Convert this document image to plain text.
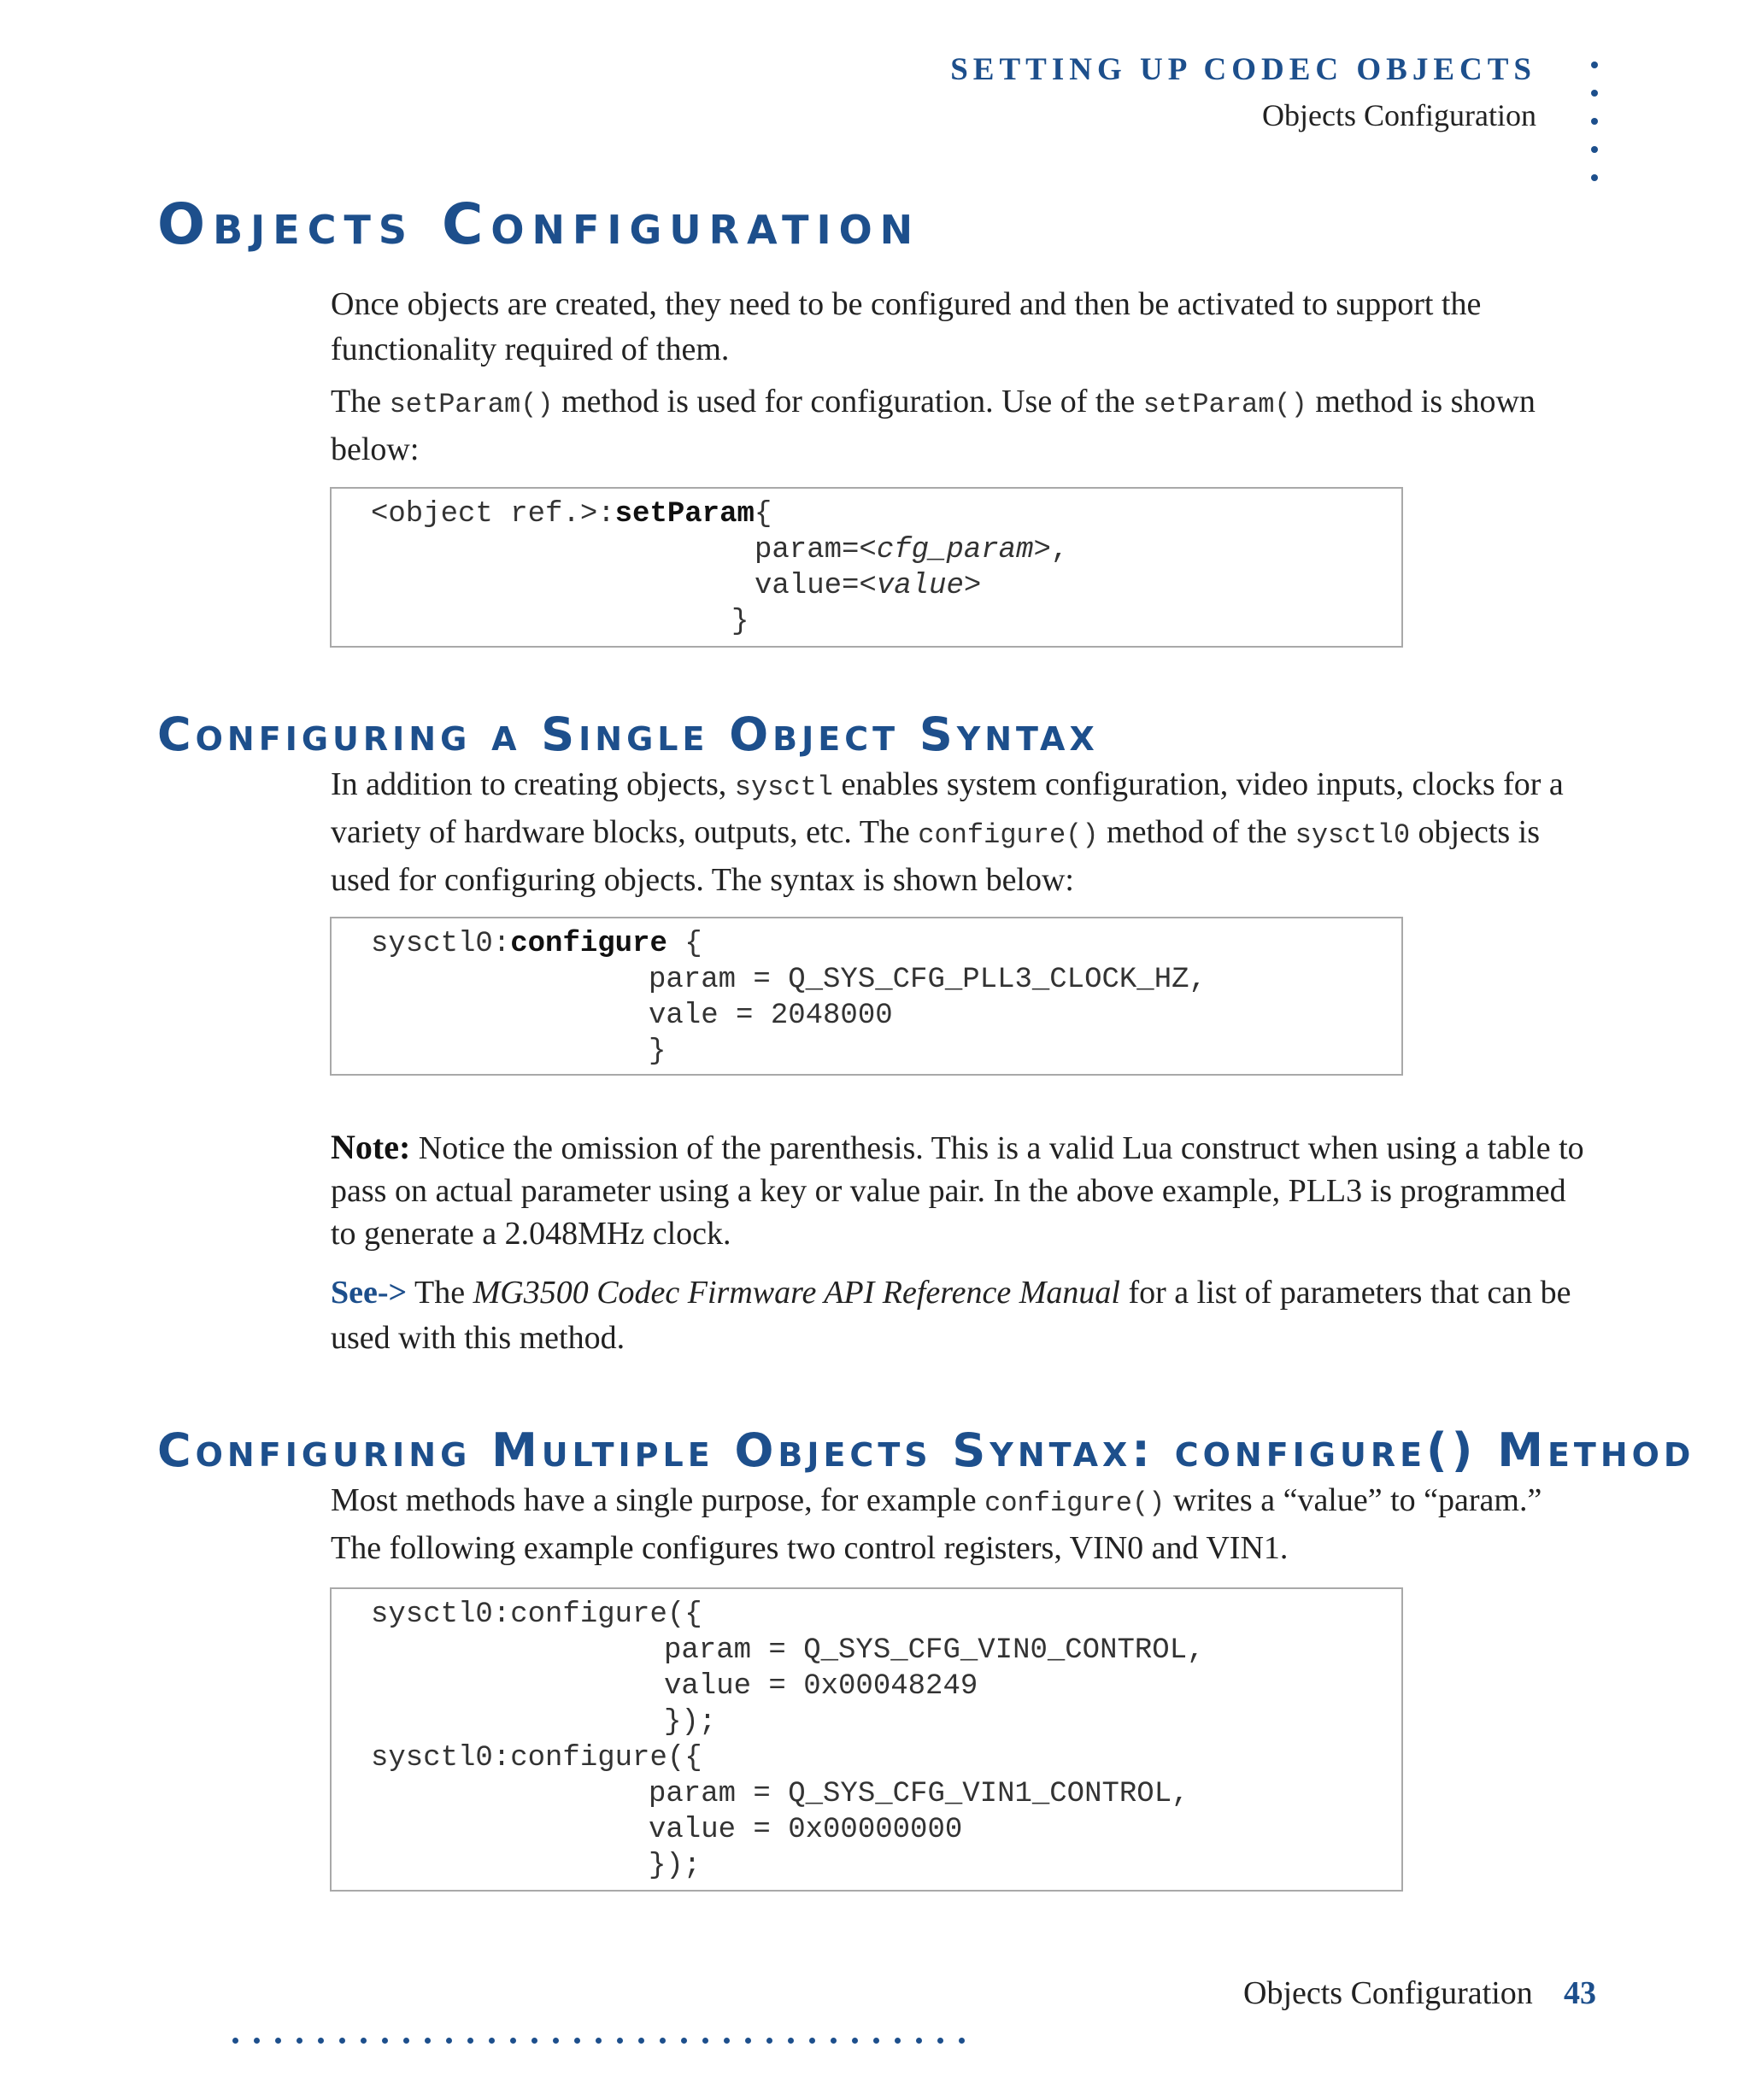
SETTING UP CODEC OBJECTS
Objects Configuration
Objects Configuration

Once objects are created, they need to be configured and then be activated to support the functionality required of them.

The setParam() method is used for configuration. Use of the setParam() method is shown below:

<object ref.>:setParam{
param=<cfg_param>,
value=<value>
}
Configuring a Single Object Syntax

In addition to creating objects, sysctl enables system configuration, video inputs, clocks for a variety of hardware blocks, outputs, etc. The configure() method of the sysctl0 objects is used for configuring objects. The syntax is shown below:

sysctl0:configure {
param = Q_SYS_CFG_PLL3_CLOCK_HZ,
vale = 2048000
}

Note: Notice the omission of the parenthesis. This is a valid Lua construct when using a table to pass on actual parameter using a key or value pair. In the above example, PLL3 is programmed to generate a 2.048MHz clock.

See-> The MG3500 Codec Firmware API Reference Manual for a list of parameters that can be used with this method.

Configuring Multiple Objects Syntax: configure() Method

Most methods have a single purpose, for example configure() writes a “value” to “param.” The following example configures two control registers, VIN0 and VIN1.

sysctl0:configure({
param = Q_SYS_CFG_VIN0_CONTROL,
value = 0x00048249
});
sysctl0:configure({
param = Q_SYS_CFG_VIN1_CONTROL,
value = 0x00000000
});
Objects Configuration 43
